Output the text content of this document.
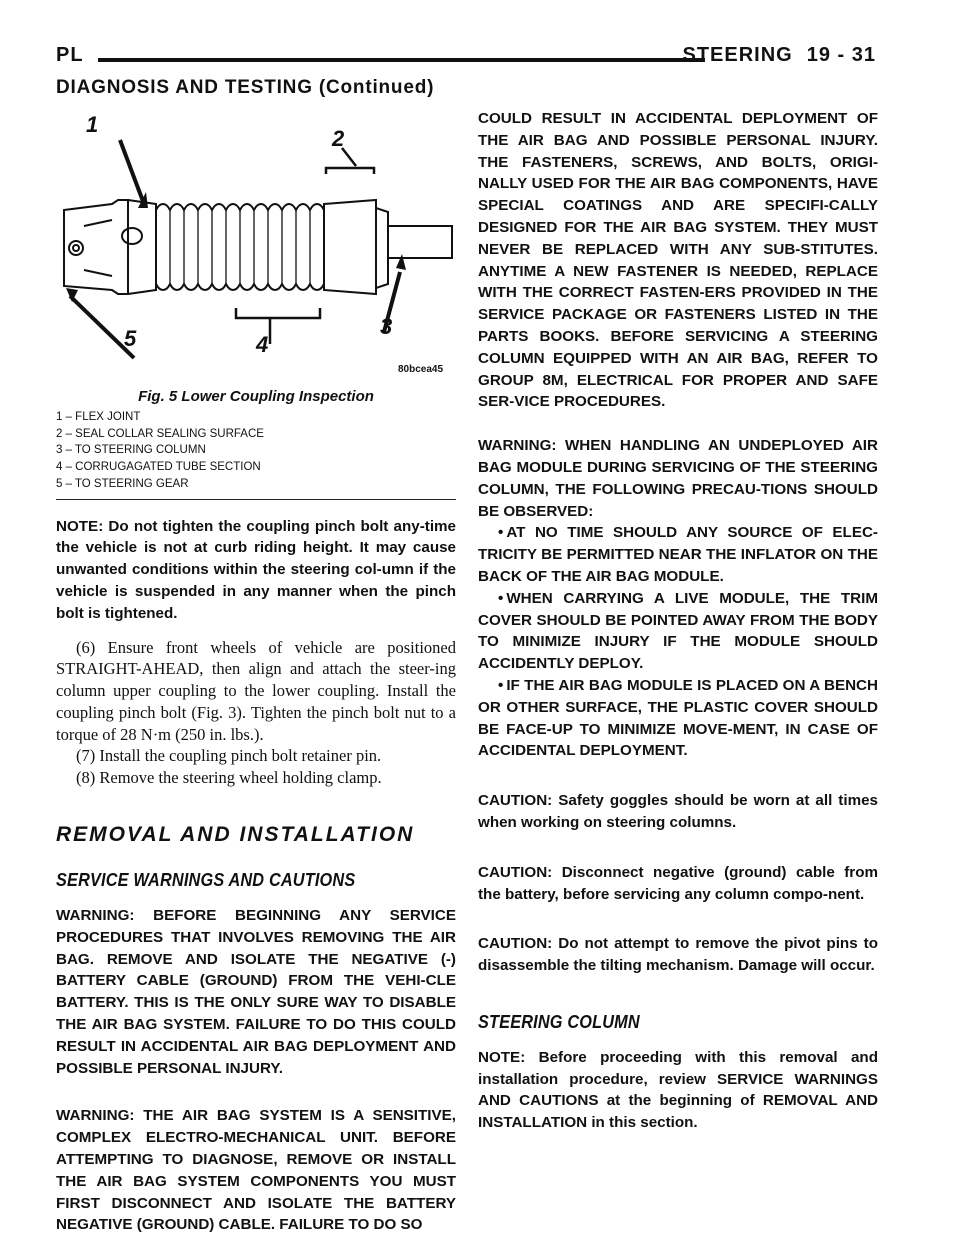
PL	STEERING 19 - 31
DIAGNOSIS AND TESTING (Continued)
1
2
3
4
5
80bcea45
Fig. 5 Lower Coupling Inspection
1 – FLEX JOINT
2 – SEAL COLLAR SEALING SURFACE
3 – TO STEERING COLUMN
4 – CORRUGAGATED TUBE SECTION
5 – TO STEERING GEAR

NOTE: Do not tighten the coupling pinch bolt any-time the vehicle is not at curb riding height. It may cause unwanted conditions within the steering col-umn if the vehicle is suspended in any manner when the pinch bolt is tightened.

(6) Ensure front wheels of vehicle are positioned STRAIGHT-AHEAD, then align and attach the steer-ing column upper coupling to the lower coupling. Install the coupling pinch bolt (Fig. 3). Tighten the pinch bolt nut to a torque of 28 N·m (250 in. lbs.).

(7) Install the coupling pinch bolt retainer pin.

(8) Remove the steering wheel holding clamp.

REMOVAL AND INSTALLATION
SERVICE WARNINGS AND CAUTIONS

WARNING: BEFORE BEGINNING ANY SERVICE PROCEDURES THAT INVOLVES REMOVING THE AIR BAG. REMOVE AND ISOLATE THE NEGATIVE (-) BATTERY CABLE (GROUND) FROM THE VEHI-CLE BATTERY. THIS IS THE ONLY SURE WAY TO DISABLE THE AIR BAG SYSTEM. FAILURE TO DO THIS COULD RESULT IN ACCIDENTAL AIR BAG DEPLOYMENT AND POSSIBLE PERSONAL INJURY.

WARNING: THE AIR BAG SYSTEM IS A SENSITIVE, COMPLEX ELECTRO-MECHANICAL UNIT. BEFORE ATTEMPTING TO DIAGNOSE, REMOVE OR INSTALL THE AIR BAG SYSTEM COMPONENTS YOU MUST FIRST DISCONNECT AND ISOLATE THE BATTERY NEGATIVE (GROUND) CABLE. FAILURE TO DO SO

COULD RESULT IN ACCIDENTAL DEPLOYMENT OF THE AIR BAG AND POSSIBLE PERSONAL INJURY. THE FASTENERS, SCREWS, AND BOLTS, ORIGI-NALLY USED FOR THE AIR BAG COMPONENTS, HAVE SPECIAL COATINGS AND ARE SPECIFI-CALLY DESIGNED FOR THE AIR BAG SYSTEM. THEY MUST NEVER BE REPLACED WITH ANY SUB-STITUTES. ANYTIME A NEW FASTENER IS NEEDED, REPLACE WITH THE CORRECT FASTEN-ERS PROVIDED IN THE SERVICE PACKAGE OR FASTENERS LISTED IN THE PARTS BOOKS. BEFORE SERVICING A STEERING COLUMN EQUIPPED WITH AN AIR BAG, REFER TO GROUP 8M, ELECTRICAL FOR PROPER AND SAFE SER-VICE PROCEDURES.

WARNING: WHEN HANDLING AN UNDEPLOYED AIR BAG MODULE DURING SERVICING OF THE STEERING COLUMN, THE FOLLOWING PRECAU-TIONS SHOULD BE OBSERVED:

• AT NO TIME SHOULD ANY SOURCE OF ELEC-TRICITY BE PERMITTED NEAR THE INFLATOR ON THE BACK OF THE AIR BAG MODULE.

• WHEN CARRYING A LIVE MODULE, THE TRIM COVER SHOULD BE POINTED AWAY FROM THE BODY TO MINIMIZE INJURY IF THE MODULE SHOULD ACCIDENTLY DEPLOY.

• IF THE AIR BAG MODULE IS PLACED ON A BENCH OR OTHER SURFACE, THE PLASTIC COVER SHOULD BE FACE-UP TO MINIMIZE MOVE-MENT, IN CASE OF ACCIDENTAL DEPLOYMENT.

CAUTION: Safety goggles should be worn at all times when working on steering columns.

CAUTION: Disconnect negative (ground) cable from the battery, before servicing any column compo-nent.

CAUTION: Do not attempt to remove the pivot pins to disassemble the tilting mechanism. Damage will occur.

STEERING COLUMN

NOTE: Before proceeding with this removal and installation procedure, review SERVICE WARNINGS AND CAUTIONS at the beginning of REMOVAL AND INSTALLATION in this section.
